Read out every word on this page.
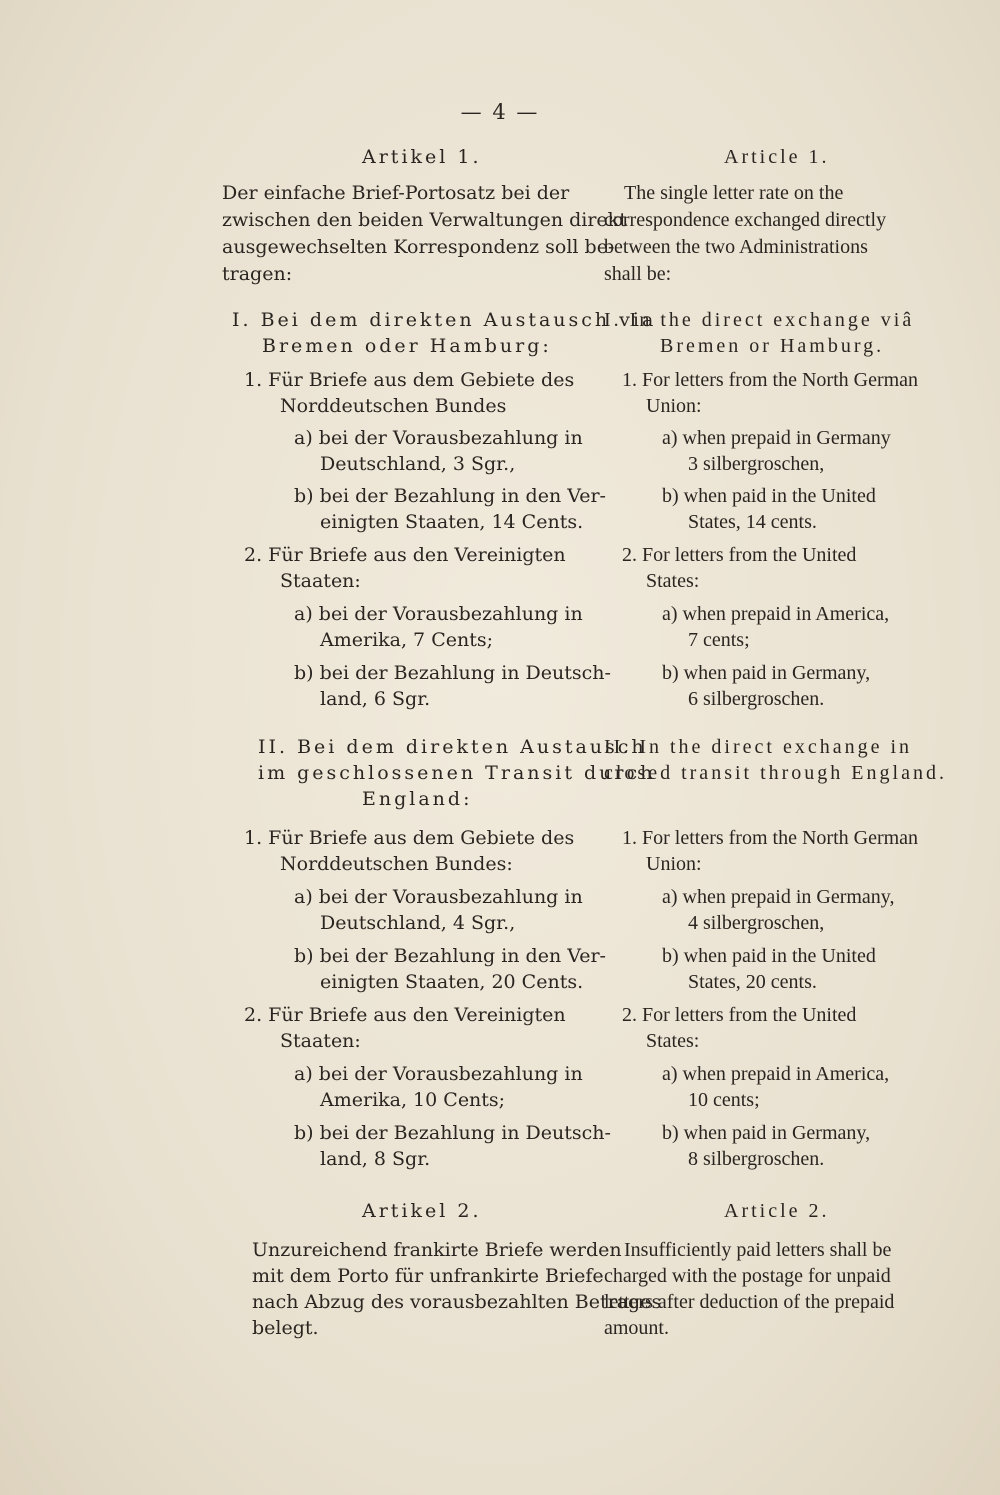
— 4 —
Artikel 1.
Der einfache Brief-Portosatz bei der
zwischen den beiden Verwaltungen direkt
ausgewechselten Korrespondenz soll be-
tragen:
I. Bei dem direkten Austausch via
Bremen oder Hamburg:
1. Für Briefe aus dem Gebiete des
Norddeutschen Bundes
a) bei der Vorausbezahlung in
Deutschland, 3 Sgr.,
b) bei der Bezahlung in den Ver-
einigten Staaten, 14 Cents.
2. Für Briefe aus den Vereinigten
Staaten:
a) bei der Vorausbezahlung in
Amerika, 7 Cents;
b) bei der Bezahlung in Deutsch-
land, 6 Sgr.
II. Bei dem direkten Austausch
im geschlossenen Transit durch
England:
1. Für Briefe aus dem Gebiete des
Norddeutschen Bundes:
a) bei der Vorausbezahlung in
Deutschland, 4 Sgr.,
b) bei der Bezahlung in den Ver-
einigten Staaten, 20 Cents.
2. Für Briefe aus den Vereinigten
Staaten:
a) bei der Vorausbezahlung in
Amerika, 10 Cents;
b) bei der Bezahlung in Deutsch-
land, 8 Sgr.
Artikel 2.
Unzureichend frankirte Briefe werden
mit dem Porto für unfrankirte Briefe
nach Abzug des vorausbezahlten Betrages
belegt.
Article 1.
The single letter rate on the
correspondence exchanged directly
between the two Administrations
shall be:
I. In the direct exchange viâ
Bremen or Hamburg.
1. For letters from the North German
Union:
a) when prepaid in Germany
3 silbergroschen,
b) when paid in the United
States, 14 cents.
2. For letters from the United
States:
a) when prepaid in America,
7 cents;
b) when paid in Germany,
6 silbergroschen.
II. In the direct exchange in
closed transit through England.
1. For letters from the North German
Union:
a) when prepaid in Germany,
4 silbergroschen,
b) when paid in the United
States, 20 cents.
2. For letters from the United
States:
a) when prepaid in America,
10 cents;
b) when paid in Germany,
8 silbergroschen.
Article 2.
Insufficiently paid letters shall be
charged with the postage for unpaid
letters after deduction of the prepaid
amount.
